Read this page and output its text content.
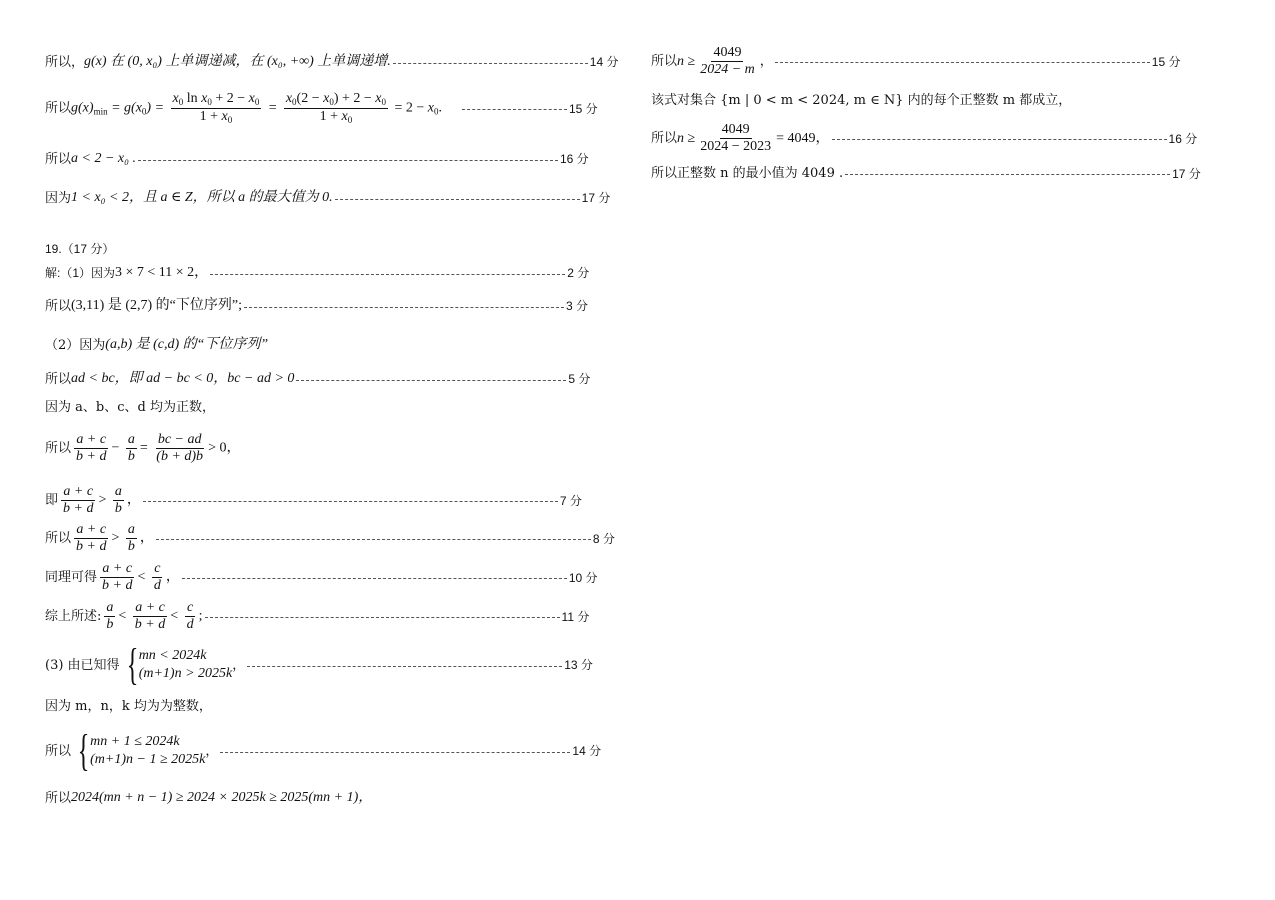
所以， g(x) 在 (0, x₀) 上单调递减，在 (x₀, +∞) 上单调递增.	14 分
所以 $g(x)_{min} = g(x_0) = \frac{x_0 \ln x_0 + 2 - x_0}{1 + x_0} = \frac{x_0(2 - x_0) + 2 - x_0}{1 + x_0} = 2 - x_0$.	15 分
所以 a < 2 − x₀ .	16 分
因为 1 < x₀ < 2，且 a ∈ Z，所以 a 的最大值为 0.	17 分
19.（17 分）
解:（1）因为 3 × 7 < 11 × 2，	2 分
所以 (3,11) 是 (2,7) 的“下位序列”;	3 分
（2）因为 (a,b) 是 (c,d) 的“下位序列”
所以 ad < bc，即 ad − bc < 0，bc − ad > 0	5 分
因为 a、b、c、d 均为正数，
所以 $\frac{a + c}{b + d} - \frac{a}{b} = \frac{bc - ad}{(b + d)b} > 0$，
即 $\frac{a + c}{b + d} > \frac{a}{b}$ ，	7 分
所以 $\frac{a + c}{b + d} > \frac{a}{b}$ ，	8 分
同理可得 $\frac{a + c}{b + d} < \frac{c}{d}$ ，	10 分
综上所述: $\frac{a}{b} < \frac{a + c}{b + d} < \frac{c}{d}$ ;	11 分
(3) 由已知得 { mn < 2024k
(m+1)n > 2025k
，	13 分
因为 m，n，k 均为为整数，
所以 { mn + 1 ≤ 2024k
(m+1)n − 1 ≥ 2025k
，	14 分
所以 2024(mn + n − 1) ≥ 2024 × 2025k ≥ 2025(mn + 1)，
所以 $n \ge \frac{4049}{2024 - m}$ ，	15 分
该式对集合 {m | 0 < m < 2024, m ∈ N} 内的每个正整数 m 都成立，
所以 $n \ge \frac{4049}{2024 - 2023} = 4049$，	16 分
所以正整数 n 的最小值为 4049 .	17 分
